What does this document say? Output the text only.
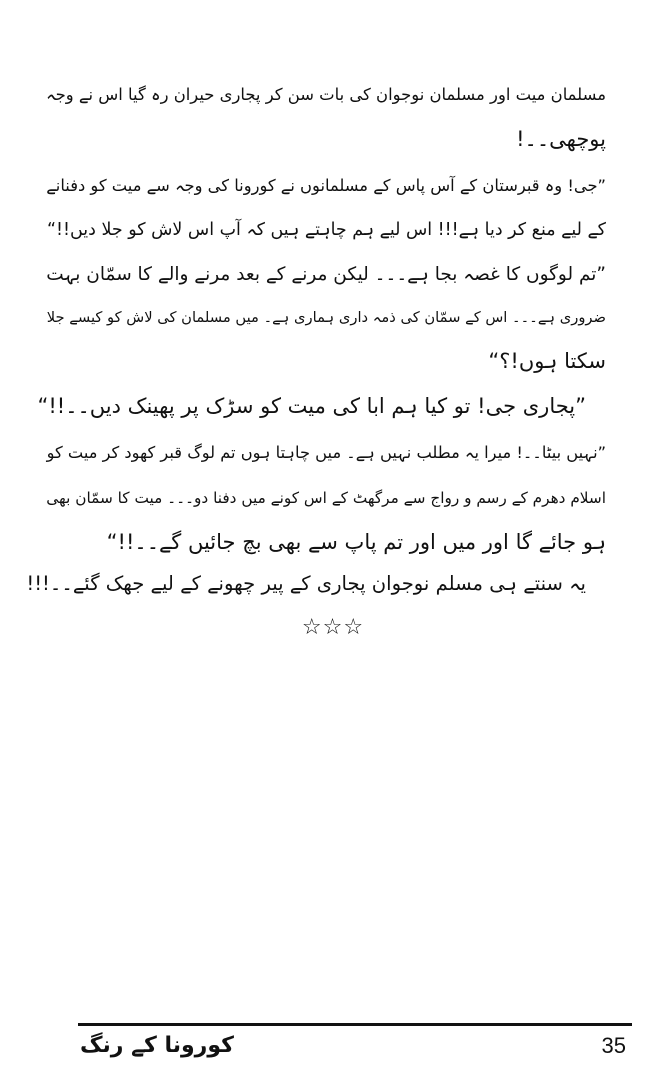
مسلمان میت اور مسلمان نوجوان کی بات سن کر پجاری حیران رہ گیا اس نے وجہ
پوچھی۔۔!
”جی! وہ قبرستان کے آس پاس کے مسلمانوں نے کورونا کی وجہ سے میت کو دفنانے
کے لیے منع کر دیا ہے!!! اس لیے ہم چاہتے ہیں کہ آپ اس لاش کو جلا دیں!!“
”تم لوگوں کا غصہ بجا ہے۔۔۔ لیکن مرنے کے بعد مرنے والے کا سمّان بہت
ضروری ہے۔۔۔ اس کے سمّان کی ذمہ داری ہماری ہے۔ میں مسلمان کی لاش کو کیسے جلا
سکتا ہوں!؟“
”پجاری جی! تو کیا ہم ابا کی میت کو سڑک پر پھینک دیں۔۔!!“
”نہیں بیٹا۔۔! میرا یہ مطلب نہیں ہے۔ میں چاہتا ہوں تم لوگ قبر کھود کر میت کو
اسلام دھرم کے رسم و رواج سے مرگھٹ کے اس کونے میں دفنا دو۔۔۔ میت کا سمّان بھی
ہو جائے گا اور میں اور تم پاپ سے بھی بچ جائیں گے۔۔!!“
یہ سنتے ہی مسلم نوجوان پجاری کے پیر چھونے کے لیے جھک گئے۔۔!!!
☆☆☆
کورونا کے رنگ	35
